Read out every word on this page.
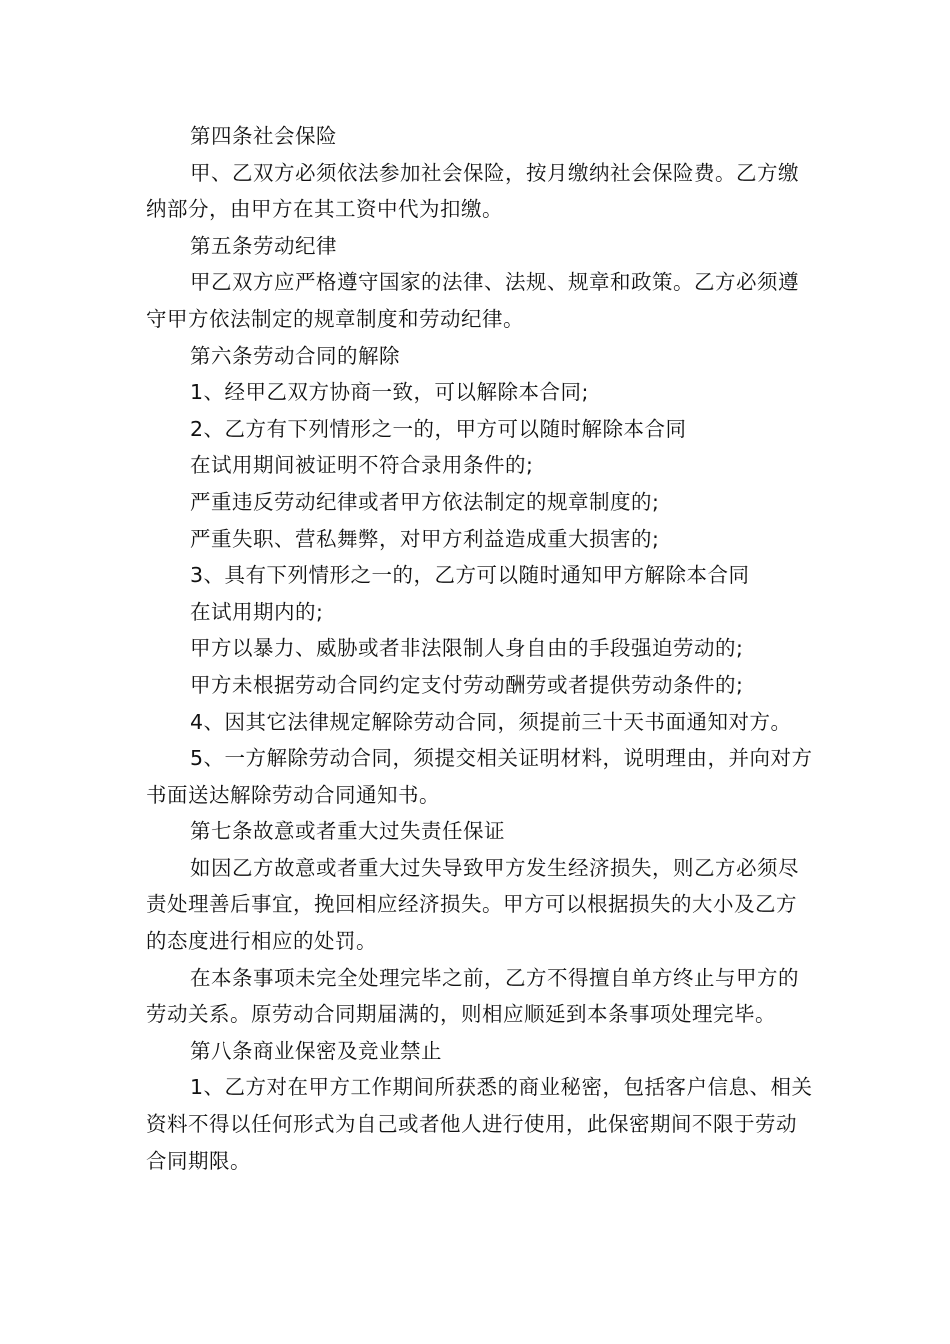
第四条社会保险

甲、乙双方必须依法参加社会保险，按月缴纳社会保险费。乙方缴纳部分，由甲方在其工资中代为扣缴。

第五条劳动纪律

甲乙双方应严格遵守国家的法律、法规、规章和政策。乙方必须遵守甲方依法制定的规章制度和劳动纪律。

第六条劳动合同的解除

1、经甲乙双方协商一致，可以解除本合同;

2、乙方有下列情形之一的，甲方可以随时解除本合同

在试用期间被证明不符合录用条件的;

严重违反劳动纪律或者甲方依法制定的规章制度的;

严重失职、营私舞弊，对甲方利益造成重大损害的;

3、具有下列情形之一的，乙方可以随时通知甲方解除本合同

在试用期内的;

甲方以暴力、威胁或者非法限制人身自由的手段强迫劳动的;

甲方未根据劳动合同约定支付劳动酬劳或者提供劳动条件的;

4、因其它法律规定解除劳动合同，须提前三十天书面通知对方。

5、一方解除劳动合同，须提交相关证明材料，说明理由，并向对方书面送达解除劳动合同通知书。

第七条故意或者重大过失责任保证

如因乙方故意或者重大过失导致甲方发生经济损失，则乙方必须尽责处理善后事宜，挽回相应经济损失。甲方可以根据损失的大小及乙方的态度进行相应的处罚。

在本条事项未完全处理完毕之前，乙方不得擅自单方终止与甲方的劳动关系。原劳动合同期届满的，则相应顺延到本条事项处理完毕。

第八条商业保密及竞业禁止

1、乙方对在甲方工作期间所获悉的商业秘密，包括客户信息、相关资料不得以任何形式为自己或者他人进行使用，此保密期间不限于劳动合同期限。
